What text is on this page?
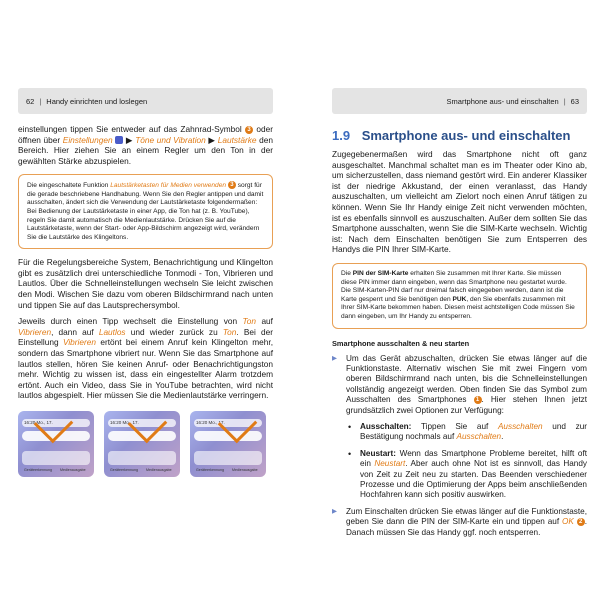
62 | Handy einrichten und loslegen

einstellungen tippen Sie entweder auf das Zahnrad-Symbol 3 oder öffnen über Einstellungen ▶ Töne und Vibration ▶ Lautstärke den Bereich. Hier ziehen Sie an einem Regler um den Ton in der gewählten Stärke abzuspielen.

Die eingeschaltete Funktion Lautstärketasten für Medien verwenden 3 sorgt für die gerade beschriebene Handhabung. Wenn Sie den Regler antippen und damit ausschalten, ändert sich die Verwendung der Lautstärketaste folgendermaßen: Bei Bedienung der Lautstärketaste in einer App, die Ton hat (z. B. YouTube), regeln Sie damit automatisch die Medienlautstärke. Drücken Sie auf die Lautstärketaste, wenn der Start- oder App-Bildschirm angezeigt wird, verändern Sie die Lautstärke des Klingeltons.

Für die Regelungsbereiche System, Benachrichtigung und Klingelton gibt es zusätzlich drei unterschiedliche Tonmodi - Ton, Vibrieren und Lautlos. Über die Schnelleinstellungen wechseln Sie leicht zwischen den Modi. Wischen Sie dazu vom oberen Bildschirmrand nach unten und tippen Sie auf das Lautsprechersymbol.

Jeweils durch einen Tipp wechselt die Einstellung von Ton auf Vibrieren, dann auf Lautlos und wieder zurück zu Ton. Bei der Einstellung Vibrieren ertönt bei einem Anruf kein Klingelton mehr, sondern das Smartphone vibriert nur. Wenn Sie das Smartphone auf lautlos stellen, hören Sie keinen Anruf- oder Benachrichtigungston mehr. Wichtig zu wissen ist, dass ein eingestellter Alarm trotzdem ertönt. Auch ein Video, dass Sie in YouTube betrachten, wird nicht lautlos abgespielt. Hier müssen Sie die Medienlautstärke verringern.

16:20 Mo., 17.
Geräteerkennung Medienausgabe
16:20 Mo., 17.
Geräteerkennung Medienausgabe
16:20 Mo., 17.
Geräteerkennung Medienausgabe
Smartphone aus- und einschalten | 63
1.9 Smartphone aus- und einschalten

Zugegebenermaßen wird das Smartphone nicht oft ganz ausgeschaltet. Manchmal schaltet man es im Theater oder Kino ab, um sicherzustellen, dass niemand gestört wird. Ein anderer Klassiker ist der niedrige Akkustand, der einen veranlasst, das Handy auszuschalten, um vielleicht am Zielort noch einen Anruf tätigen zu können. Wenn Sie Ihr Handy einige Zeit nicht verwenden möchten, ist es ebenfalls sinnvoll es auszuschalten. Außer dem sollten Sie das Smartphone ausschalten, wenn Sie die SIM-Karte wechseln. Wichtig ist: Nach dem Einschalten benötigen Sie zum Entsperren des Handys die PIN Ihrer SIM-Karte.

Die PIN der SIM-Karte erhalten Sie zusammen mit Ihrer Karte. Sie müssen diese PIN immer dann eingeben, wenn das Smartphone neu gestartet wurde. Die SIM-Karten-PIN darf nur dreimal falsch eingegeben werden, dann ist die Karte gesperrt und Sie benötigen den PUK, den Sie ebenfalls zusammen mit Ihrer SIM-Karte bekommen haben. Diesen meist achtstelligen Code müssen Sie dann eingeben, um Ihr Handy zu entsperren.
Smartphone ausschalten & neu starten

▶ Um das Gerät abzuschalten, drücken Sie etwas länger auf die Funktionstaste. Alternativ wischen Sie mit zwei Fingern vom oberen Bildschirmrand nach unten, bis die Schnelleinstellungen vollständig angezeigt werden. Oben finden Sie das Symbol zum Ausschalten des Smartphones 1 . Hier stehen Ihnen jetzt grundsätzlich zwei Optionen zur Verfügung:

• Ausschalten: Tippen Sie auf Ausschalten und zur Bestätigung nochmals auf Ausschalten.

• Neustart: Wenn das Smartphone Probleme bereitet, hilft oft ein Neustart. Aber auch ohne Not ist es sinnvoll, das Handy von Zeit zu Zeit neu zu starten. Das Beenden verschiedener Prozesse und die Optimierung der Apps beim anschließenden Hochfahren kann sich positiv auswirken.

▶ Zum Einschalten drücken Sie etwas länger auf die Funktionstaste, geben Sie dann die PIN der SIM-Karte ein und tippen auf OK 2 . Danach müssen Sie das Handy ggf. noch entsperren.
